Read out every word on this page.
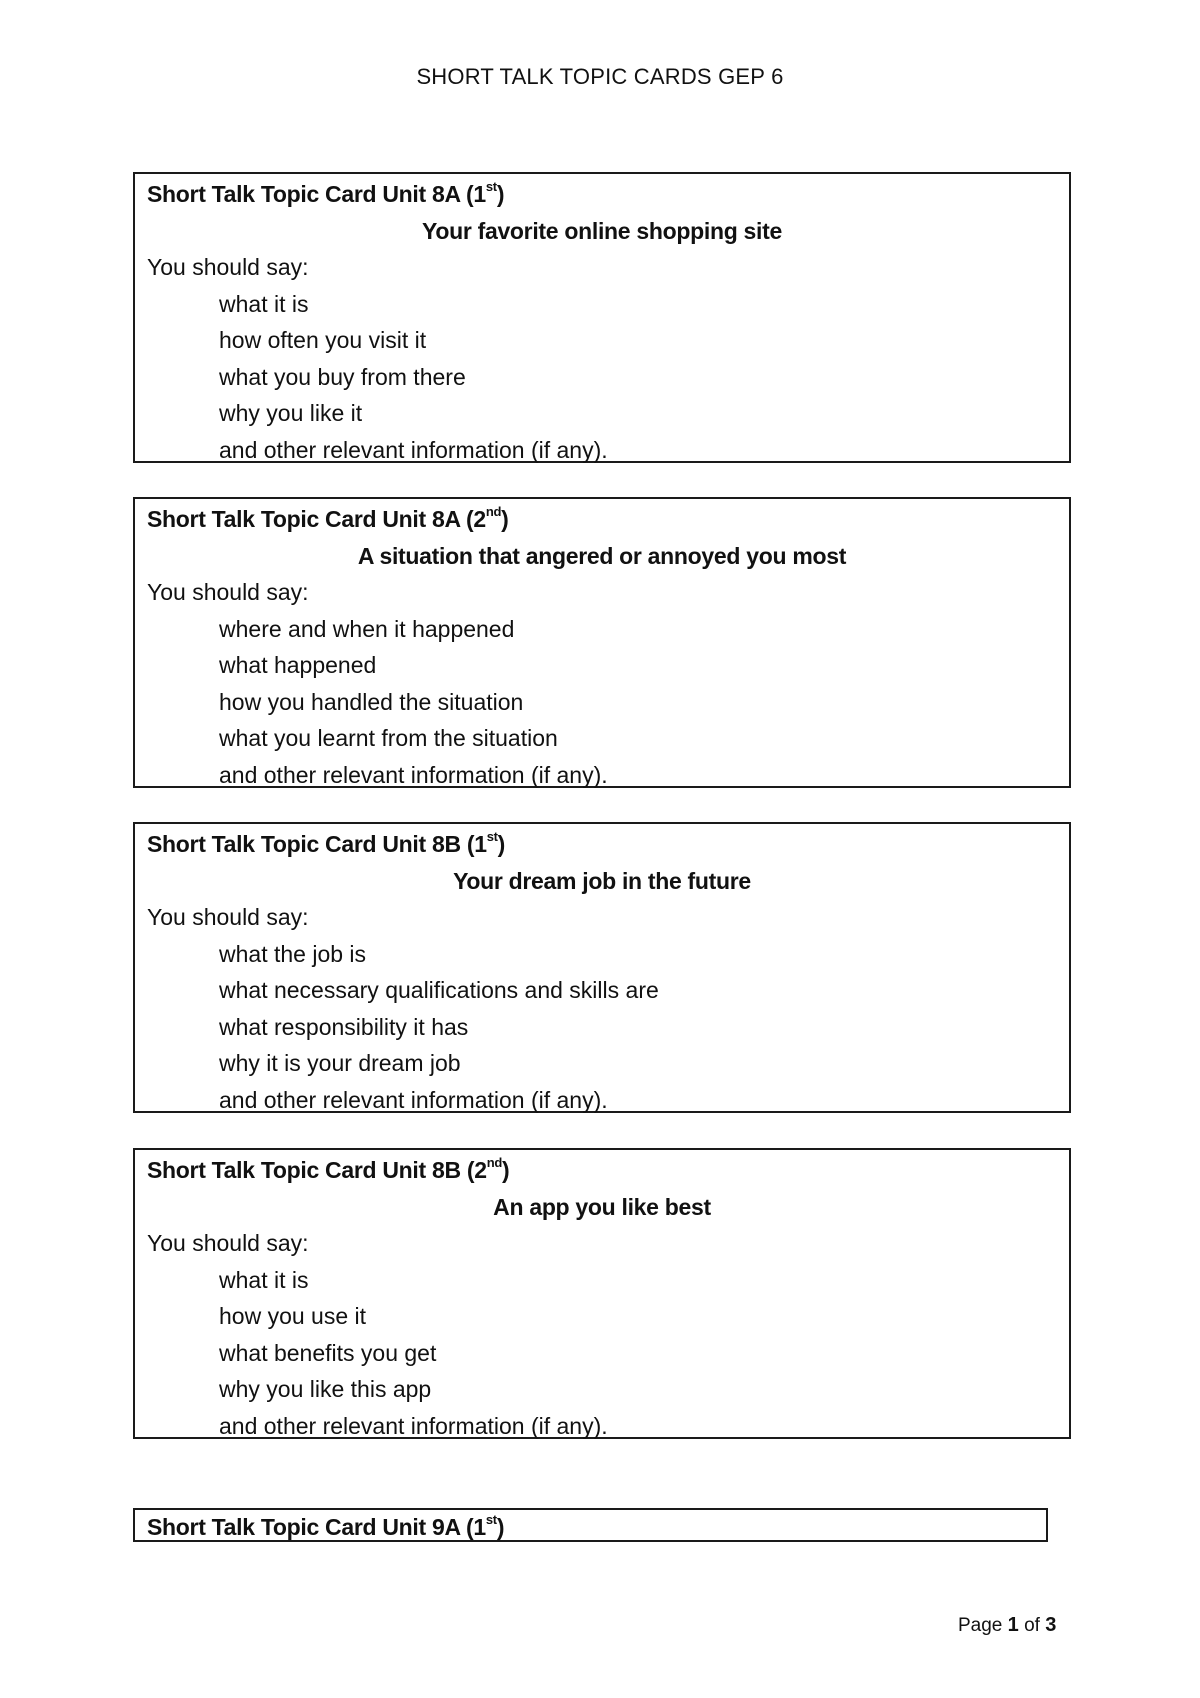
SHORT TALK TOPIC CARDS GEP 6
Short Talk Topic Card Unit 8A (1st)
Your favorite online shopping site
You should say:
what it is
how often you visit it
what you buy from there
why you like it
and other relevant information (if any).
Short Talk Topic Card Unit 8A (2nd)
A situation that angered or annoyed you most
You should say:
where and when it happened
what happened
how you handled the situation
what you learnt from the situation
and other relevant information (if any).
Short Talk Topic Card Unit 8B (1st)
Your dream job in the future
You should say:
what the job is
what necessary qualifications and skills are
what responsibility it has
why it is your dream job
and other relevant information (if any).
Short Talk Topic Card Unit 8B (2nd)
An app you like best
You should say:
what it is
how you use it
what benefits you get
why you like this app
and other relevant information (if any).
Short Talk Topic Card Unit 9A (1st)
Page 1 of 3
